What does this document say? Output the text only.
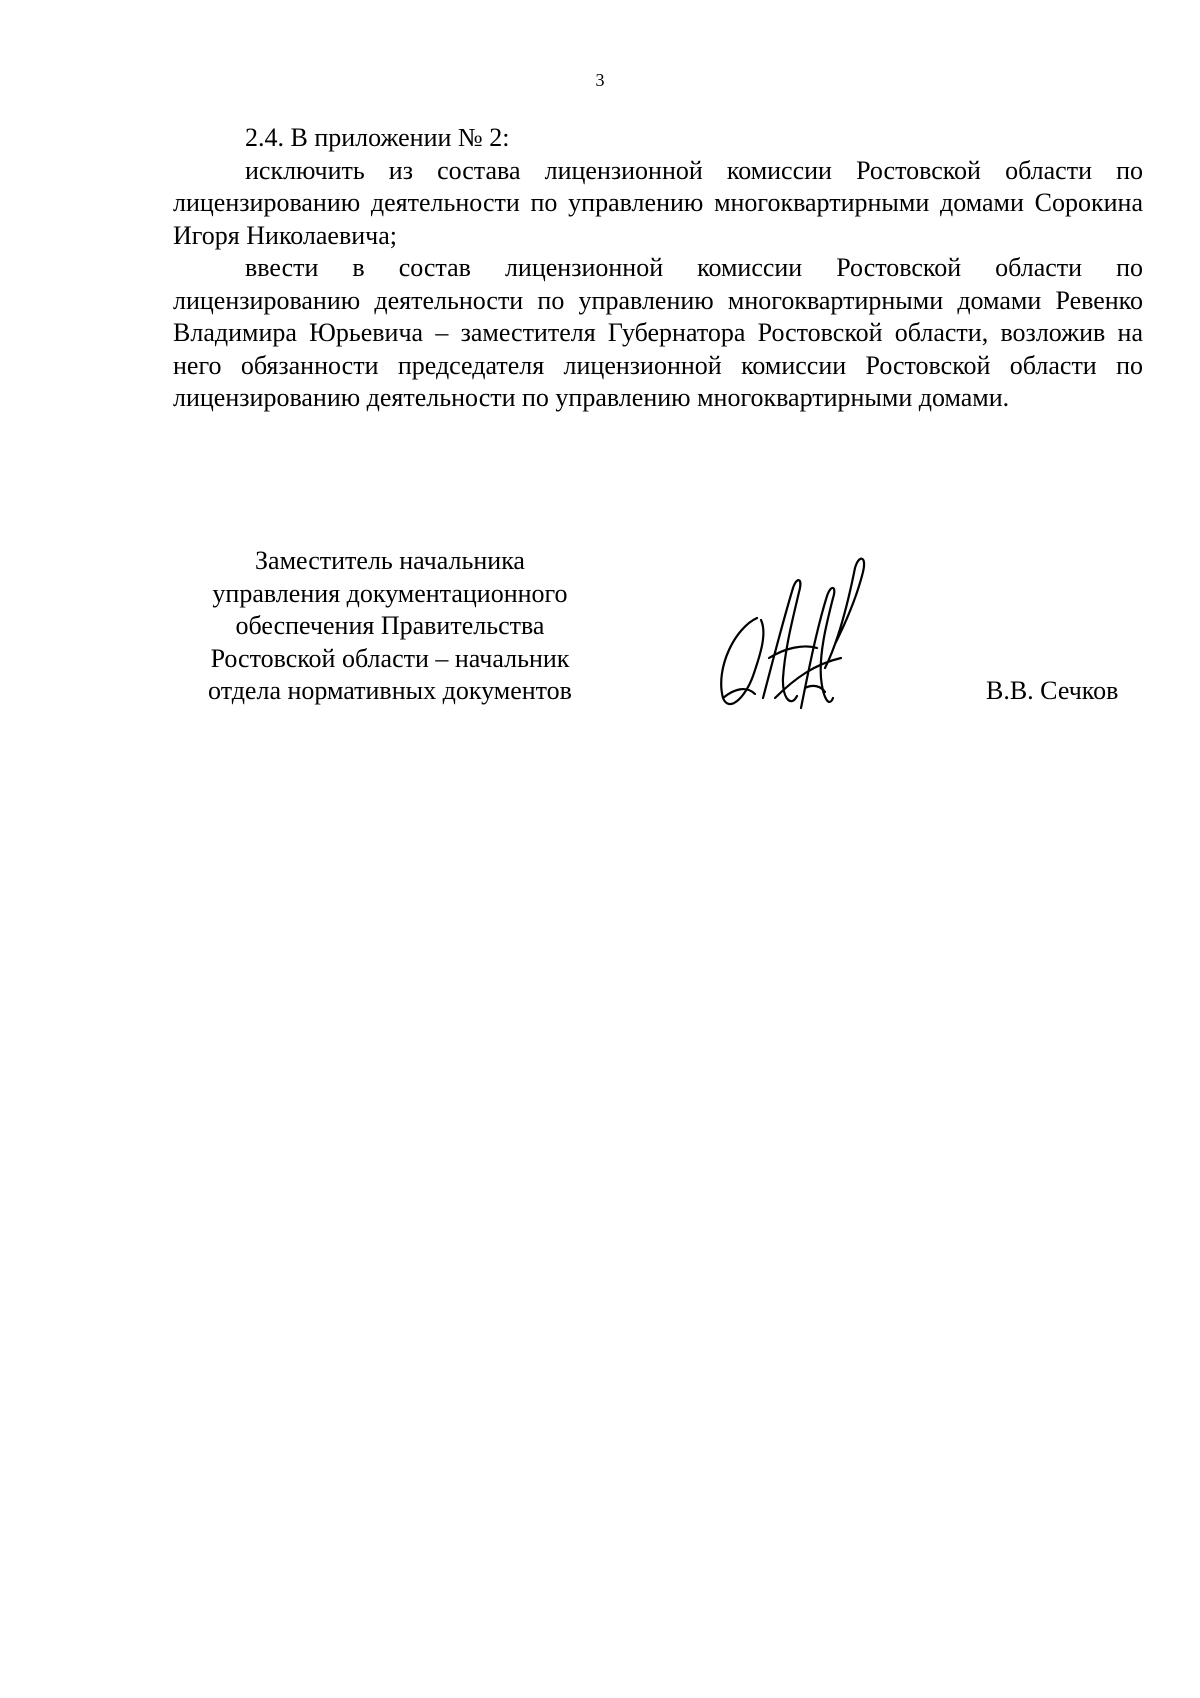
3

2.4. В приложении № 2:

исключить из состава лицензионной комиссии Ростовской области по лицензированию деятельности по управлению многоквартирными домами Сорокина Игоря Николаевича;

ввести в состав лицензионной комиссии Ростовской области по лицензированию деятельности по управлению многоквартирными домами Ревенко Владимира Юрьевича – заместителя Губернатора Ростовской области, возложив на него обязанности председателя лицензионной комиссии Ростовской области по лицензированию деятельности по управлению многоквартирными домами.

Заместитель начальника
управления документационного
обеспечения Правительства
Ростовской области – начальник
отдела нормативных документов	В.В. Сечков
